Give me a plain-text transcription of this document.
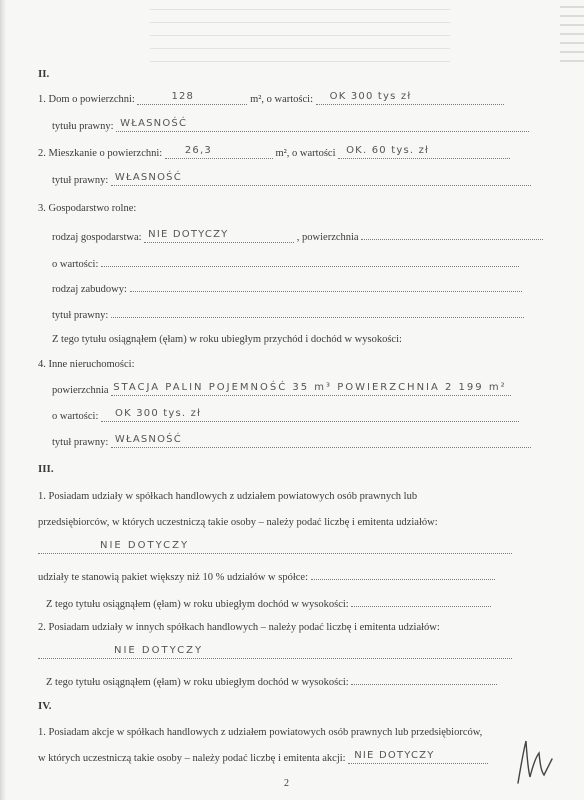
II.
1. Dom o powierzchni:	128	m², o wartości: OK 300 tys zł
tytułu prawny: WŁASNOŚĆ
2. Mieszkanie o powierzchni: 26,3	m², o wartości OK. 60 tys. zł
tytuł prawny: WŁASNOŚĆ
3. Gospodarstwo rolne:
rodzaj gospodarstwa: NIE DOTYCZY	, powierzchnia
o wartości:
rodzaj zabudowy:
tytuł prawny:
Z tego tytułu osiągnąłem (ęłam) w roku ubiegłym przychód i dochód w wysokości:
4. Inne nieruchomości:
powierzchnia STACJA PALIN POJEMNOŚĆ 35 m³ POWIERZCHNIA 2 199 m²
o wartości: OK 300 tys. zł
tytuł prawny: WŁASNOŚĆ
III.
1. Posiadam udziały w spółkach handlowych z udziałem powiatowych osób prawnych lub
przedsiębiorców, w których uczestniczą takie osoby – należy podać liczbę i emitenta udziałów:
NIE DOTYCZY
udziały te stanowią pakiet większy niż 10 % udziałów w spółce:
Z tego tytułu osiągnąłem (ęłam) w roku ubiegłym dochód w wysokości:
2. Posiadam udziały w innych spółkach handlowych – należy podać liczbę i emitenta udziałów:
NIE DOTYCZY
Z tego tytułu osiągnąłem (ęłam) w roku ubiegłym dochód w wysokości:
IV.
1. Posiadam akcje w spółkach handlowych z udziałem powiatowych osób prawnych lub przedsiębiorców,
w których uczestniczą takie osoby – należy podać liczbę i emitenta akcji: NIE DOTYCZY
2
